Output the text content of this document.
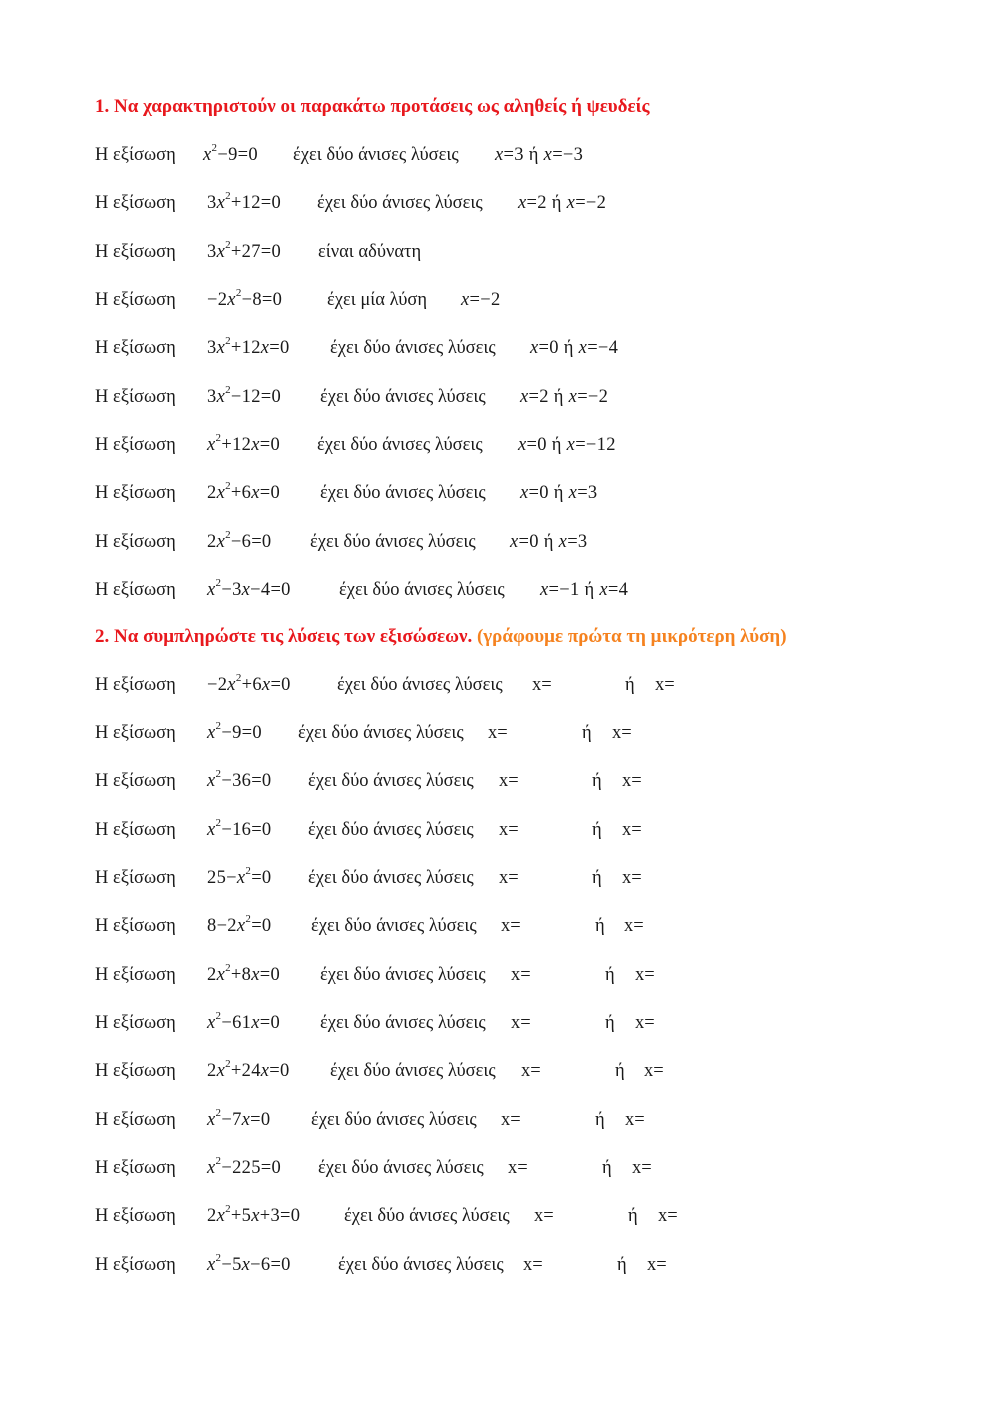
1. Να χαρακτηριστούν οι παρακάτω προτάσεις ως αληθείς ή ψευδείς
Η εξίσωση $x^2-9=0$ έχει δύο άνισες λύσεις x=3 ή x=−3
Η εξίσωση $3x^2+12=0$ έχει δύο άνισες λύσεις x=2 ή x=−2
Η εξίσωση $3x^2+27=0$ είναι αδύνατη
Η $\varepsilon\xi ί\sigma\omega\sigma\eta -2x^2-8=0$ έχει μία λύση x=−2
Η εξίσωση $3x^2+12x=0$ έχει δύο άνισες λύσεις x=0 ή x=−4
Η εξίσωση $3x^2-12=0$ έχει δύο άνισες λύσεις x=2 ή x=−2
Η εξίσωση $x^2+12x=0$ έχει δύο άνισες λύσεις x=0 ή x=−12
Η εξίσωση $2x^2+6x=0$ έχει δύο άνισες λύσεις x=0 ή x=3
Η εξίσωση $2x^2-6=0$ έχει δύο άνισες λύσεις x=0 ή x=3
Η εξίσωση $x^2-3x-4=0$	έχει δύο άνισες λύσεις x=−1 ή x=4
2. Να συμπληρώστε τις λύσεις των εξισώσεων. (γράφουμε πρώτα τη μικρότερη λύση)
Η $\varepsilon\xi ί\sigma\omega\sigma\eta -2x^2+6x=0$	έχει δύο άνισες λύσεις x=	ή x=
Η εξίσωση $x^2-9=0$ έχει δύο άνισες λύσεις x=	ή x=
Η εξίσωση $x^2-36=0$ έχει δύο άνισες λύσεις x=	ή x=
Η εξίσωση $x^2-16=0$ έχει δύο άνισες λύσεις x=	ή x=
Η εξίσωση $25-x^2=0$ έχει δύο άνισες λύσεις x=	ή x=
Η εξίσωση $8-2x^2=0$ έχει δύο άνισες λύσεις x=	ή x=
Η εξίσωση $2x^2+8x=0$ έχει δύο άνισες λύσεις x=	ή x=
Η εξίσωση $x^2-61x=0$ έχει δύο άνισες λύσεις x=	ή x=
Η εξίσωση $2x^2+24x=0$ έχει δύο άνισες λύσεις x=	ή x=
Η εξίσωση $x^2-7x=0$ έχει δύο άνισες λύσεις x=	ή x=
Η εξίσωση $x^2-225=0$ έχει δύο άνισες λύσεις x=	ή x=
Η εξίσωση $2x^2+5x+3=0$ έχει δύο άνισες λύσεις x=	ή x=
Η εξίσωση $x^2-5x-6=0$	έχει δύο άνισες λύσεις x=	ή x=
